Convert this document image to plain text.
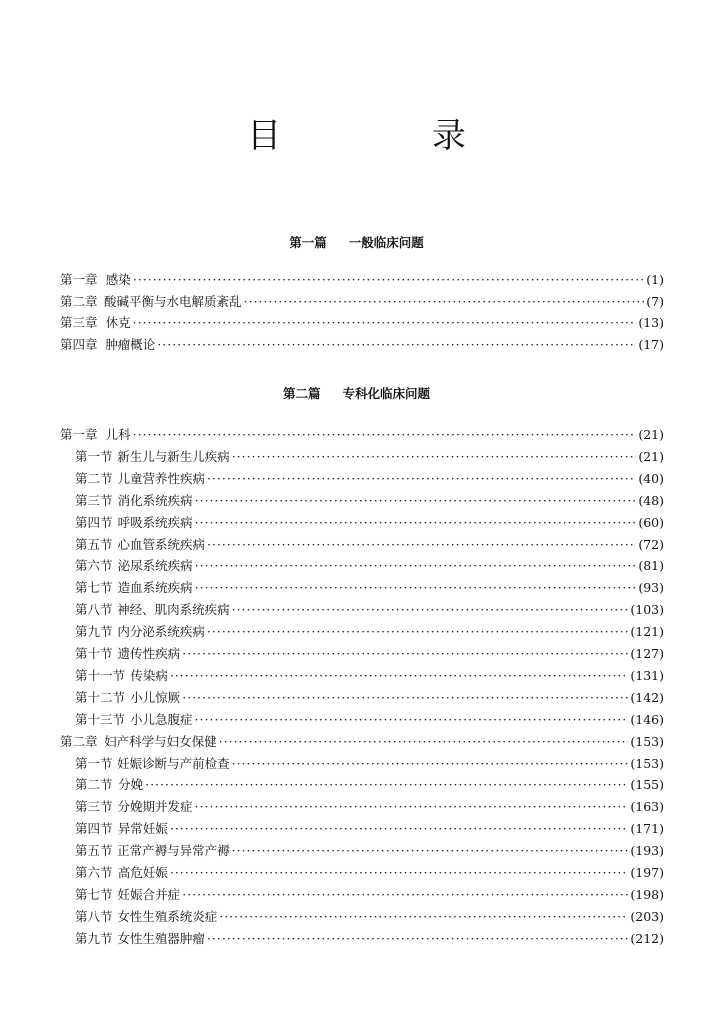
目 录
第一篇 一般临床问题
第一章 感染 ·····	(1)
第二章 酸碱平衡与水电解质紊乱 ·····	(7)
第三章 休克 ·····	(13)
第四章 肿瘤概论 ·····	(17)
第二篇 专科化临床问题
第一章 儿科 ·····	(21)
第一节 新生儿与新生儿疾病 ·····	(21)
第二节 儿童营养性疾病 ·····	(40)
第三节 消化系统疾病 ·····	(48)
第四节 呼吸系统疾病 ·····	(60)
第五节 心血管系统疾病 ·····	(72)
第六节 泌尿系统疾病 ·····	(81)
第七节 造血系统疾病 ·····	(93)
第八节 神经、肌肉系统疾病 ·····	(103)
第九节 内分泌系统疾病 ·····	(121)
第十节 遗传性疾病 ·····	(127)
第十一节 传染病 ·····	(131)
第十二节 小儿惊厥 ·····	(142)
第十三节 小儿急腹症 ·····	(146)
第二章 妇产科学与妇女保健 ·····	(153)
第一节 妊娠诊断与产前检查 ·····	(153)
第二节 分娩 ·····	(155)
第三节 分娩期并发症 ·····	(163)
第四节 异常妊娠 ·····	(171)
第五节 正常产褥与异常产褥 ·····	(193)
第六节 高危妊娠 ·····	(197)
第七节 妊娠合并症 ·····	(198)
第八节 女性生殖系统炎症 ·····	(203)
第九节 女性生殖器肿瘤 ·····	(212)
